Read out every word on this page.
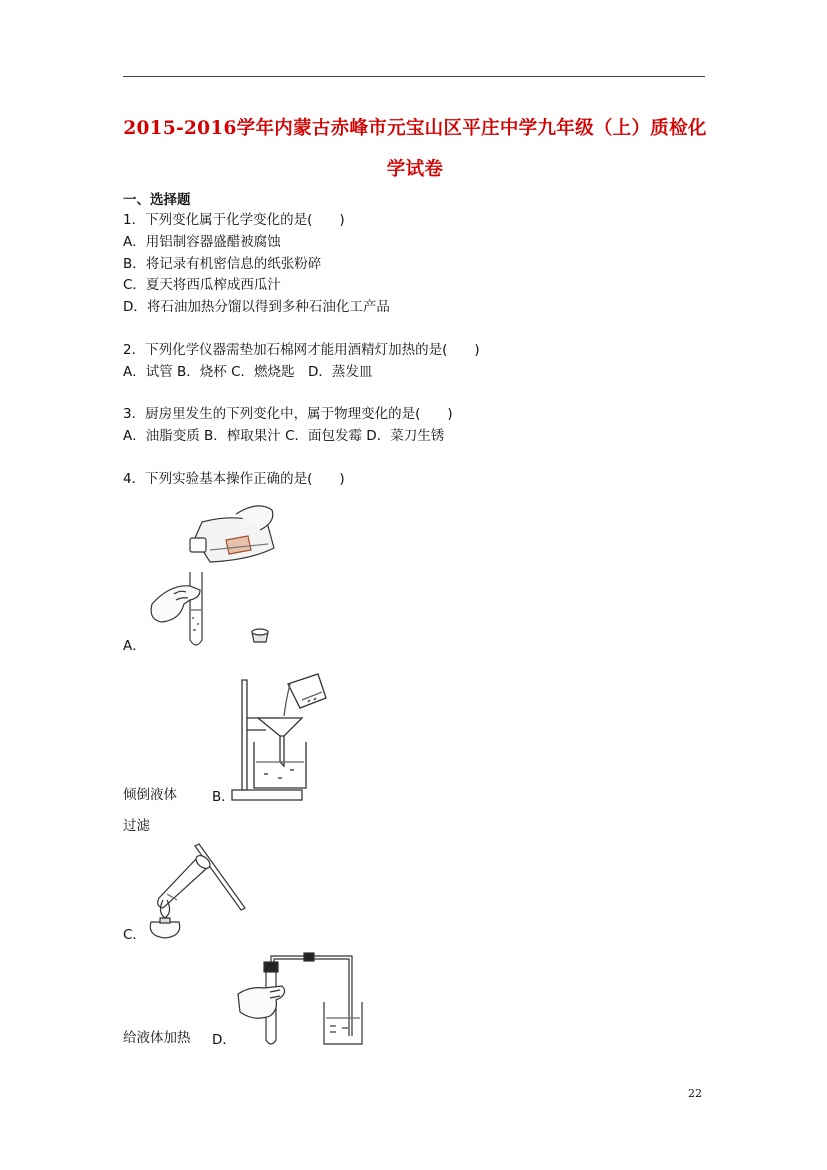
2015-2016学年内蒙古赤峰市元宝山区平庄中学九年级（上）质检化
学试卷
一、选择题
1．下列变化属于化学变化的是(　　)
A．用铝制容器盛醋被腐蚀
B．将记录有机密信息的纸张粉碎
C．夏天将西瓜榨成西瓜汁
D．将石油加热分馏以得到多种石油化工产品
2．下列化学仪器需垫加石棉网才能用酒精灯加热的是(　　)
A．试管 B．烧杯 C．燃烧匙　D．蒸发皿
3．厨房里发生的下列变化中，属于物理变化的是(　　)
A．油脂变质 B．榨取果汁 C．面包发霉 D．菜刀生锈
4．下列实验基本操作正确的是(　　)
A．
倾倒液体	B．
过滤
C．
给液体加热 D．
22
